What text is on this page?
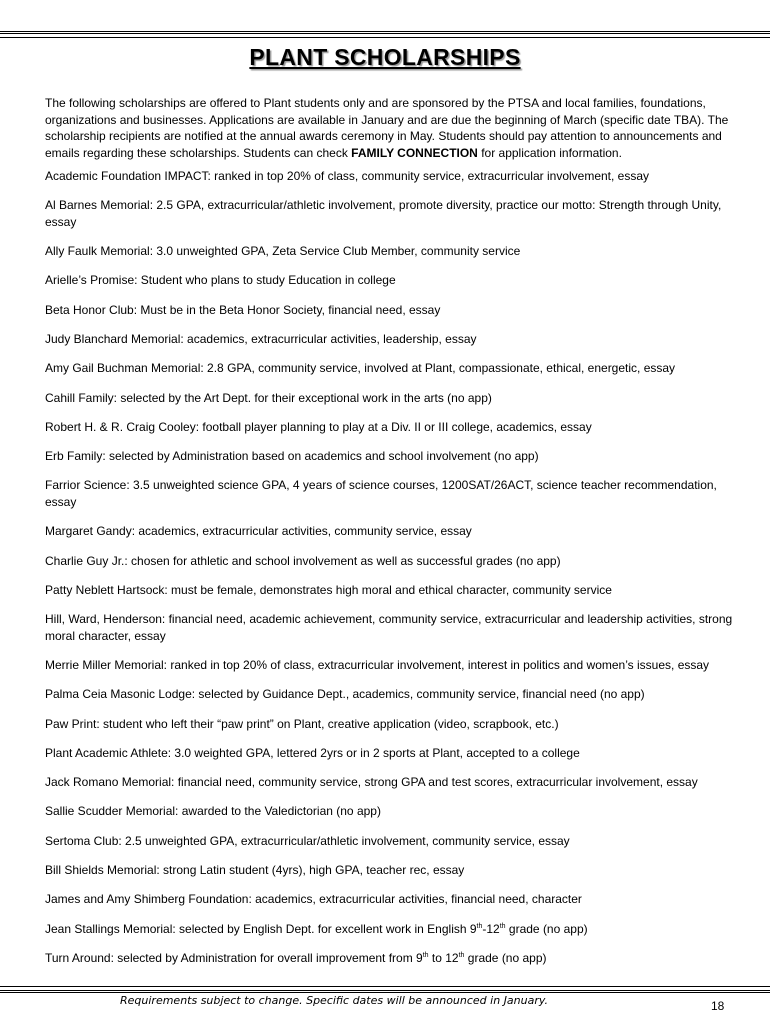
PLANT SCHOLARSHIPS

The following scholarships are offered to Plant students only and are sponsored by the PTSA and local families, foundations, organizations and businesses. Applications are available in January and are due the beginning of March (specific date TBA). The scholarship recipients are notified at the annual awards ceremony in May. Students should pay attention to announcements and emails regarding these scholarships. Students can check FAMILY CONNECTION for application information.

Academic Foundation IMPACT: ranked in top 20% of class, community service, extracurricular involvement, essay
Al Barnes Memorial: 2.5 GPA, extracurricular/athletic involvement, promote diversity, practice our motto: Strength through Unity, essay
Ally Faulk Memorial: 3.0 unweighted GPA, Zeta Service Club Member, community service
Arielle’s Promise: Student who plans to study Education in college
Beta Honor Club: Must be in the Beta Honor Society, financial need, essay
Judy Blanchard Memorial: academics, extracurricular activities, leadership, essay
Amy Gail Buchman Memorial: 2.8 GPA, community service, involved at Plant, compassionate, ethical, energetic, essay
Cahill Family: selected by the Art Dept. for their exceptional work in the arts (no app)
Robert H. & R. Craig Cooley: football player planning to play at a Div. II or III college, academics, essay
Erb Family: selected by Administration based on academics and school involvement (no app)
Farrior Science: 3.5 unweighted science GPA, 4 years of science courses, 1200SAT/26ACT, science teacher recommendation, essay
Margaret Gandy: academics, extracurricular activities, community service, essay
Charlie Guy Jr.: chosen for athletic and school involvement as well as successful grades (no app)
Patty Neblett Hartsock: must be female, demonstrates high moral and ethical character, community service
Hill, Ward, Henderson: financial need, academic achievement, community service, extracurricular and leadership activities, strong moral character, essay
Merrie Miller Memorial: ranked in top 20% of class, extracurricular involvement, interest in politics and women’s issues, essay
Palma Ceia Masonic Lodge: selected by Guidance Dept., academics, community service, financial need (no app)
Paw Print: student who left their “paw print” on Plant, creative application (video, scrapbook, etc.)
Plant Academic Athlete: 3.0 weighted GPA, lettered 2yrs or in 2 sports at Plant, accepted to a college
Jack Romano Memorial: financial need, community service, strong GPA and test scores, extracurricular involvement, essay
Sallie Scudder Memorial: awarded to the Valedictorian (no app)
Sertoma Club: 2.5 unweighted GPA, extracurricular/athletic involvement, community service, essay
Bill Shields Memorial: strong Latin student (4yrs), high GPA, teacher rec, essay
James and Amy Shimberg Foundation: academics, extracurricular activities, financial need, character
Jean Stallings Memorial: selected by English Dept. for excellent work in English 9th-12th grade (no app)
Turn Around: selected by Administration for overall improvement from 9th to 12th grade (no app)
Requirements subject to change. Specific dates will be announced in January.	18
